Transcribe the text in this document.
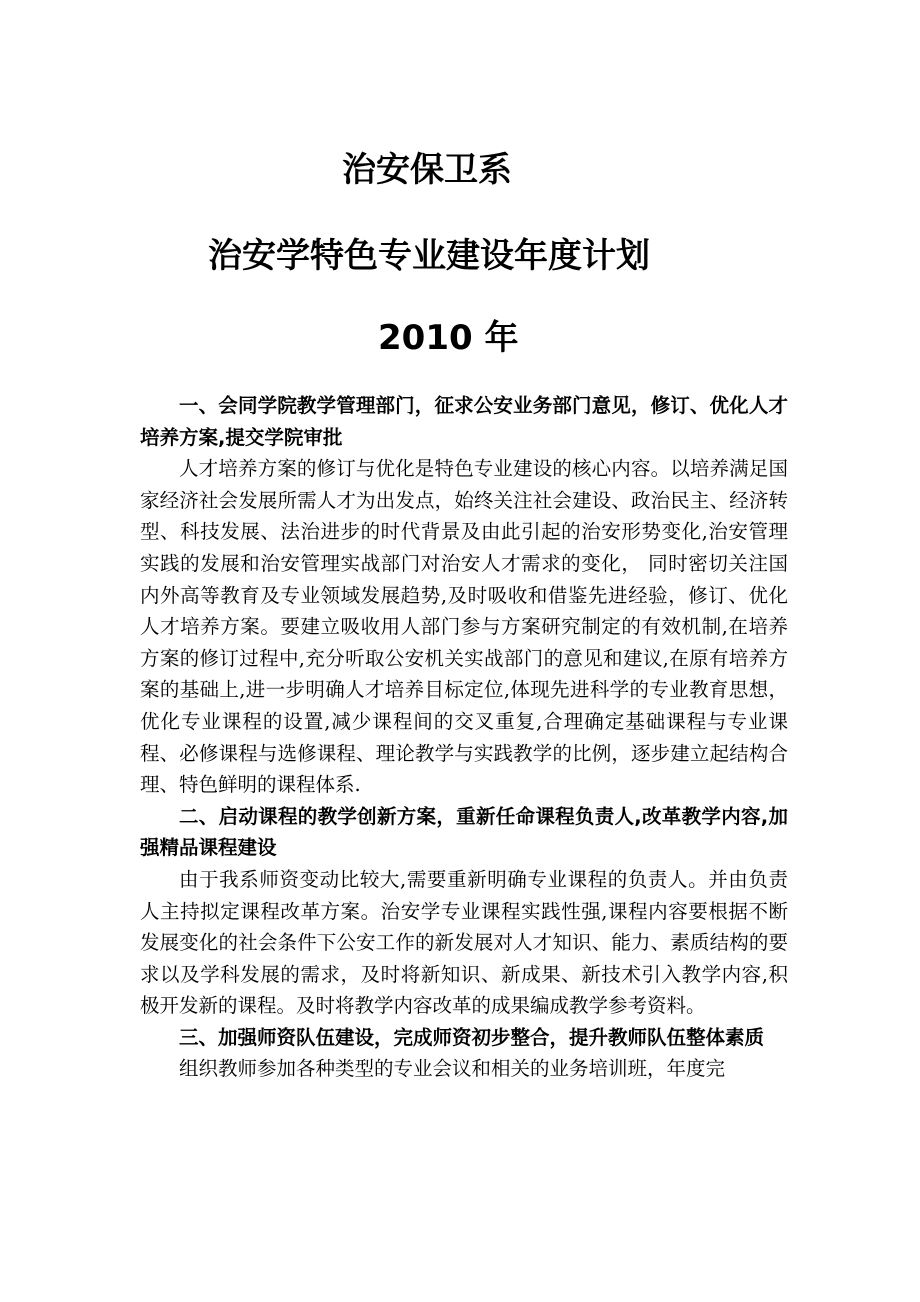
治安保卫系
治安学特色专业建设年度计划
2010 年

一、会同学院教学管理部门，征求公安业务部门意见，修订、优化人才培养方案,提交学院审批

人才培养方案的修订与优化是特色专业建设的核心内容。以培养满足国家经济社会发展所需人才为出发点，始终关注社会建设、政治民主、经济转型、科技发展、法治进步的时代背景及由此引起的治安形势变化,治安管理实践的发展和治安管理实战部门对治安人才需求的变化， 同时密切关注国内外高等教育及专业领域发展趋势,及时吸收和借鉴先进经验，修订、优化人才培养方案。要建立吸收用人部门参与方案研究制定的有效机制,在培养方案的修订过程中,充分听取公安机关实战部门的意见和建议,在原有培养方案的基础上,进一步明确人才培养目标定位,体现先进科学的专业教育思想，优化专业课程的设置,减少课程间的交叉重复,合理确定基础课程与专业课程、必修课程与选修课程、理论教学与实践教学的比例，逐步建立起结构合理、特色鲜明的课程体系.

二、启动课程的教学创新方案，重新任命课程负责人,改革教学内容,加强精品课程建设

由于我系师资变动比较大,需要重新明确专业课程的负责人。并由负责人主持拟定课程改革方案。治安学专业课程实践性强,课程内容要根据不断发展变化的社会条件下公安工作的新发展对人才知识、能力、素质结构的要求以及学科发展的需求，及时将新知识、新成果、新技术引入教学内容,积极开发新的课程。及时将教学内容改革的成果编成教学参考资料。

三、加强师资队伍建设，完成师资初步整合，提升教师队伍整体素质

组织教师参加各种类型的专业会议和相关的业务培训班，年度完
